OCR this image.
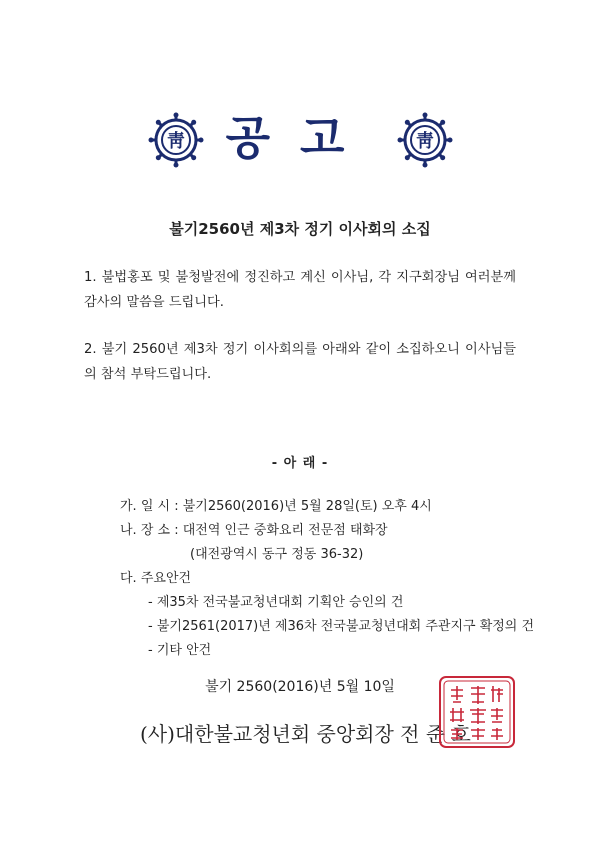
靑 공고	靑
불기2560년 제3차 정기 이사회의 소집
1. 불법홍포 및 불청발전에 정진하고 계신 이사님, 각 지구회장님 여러분께 감사의 말씀을 드립니다.
2. 불기 2560년 제3차 정기 이사회의를 아래와 같이 소집하오니 이사님들의 참석 부탁드립니다.
- 아 래 -
가. 일 시 : 불기2560(2016)년 5월 28일(토) 오후 4시
나. 장 소 : 대전역 인근 중화요리 전문점 태화장
(대전광역시 동구 정동 36-32)
다. 주요안건
- 제35차 전국불교청년대회 기획안 승인의 건
- 불기2561(2017)년 제36차 전국불교청년대회 주관지구 확정의 건
- 기타 안건
불기 2560(2016)년 5월 10일
(사)대한불교청년회 중앙회장 전 준 호
